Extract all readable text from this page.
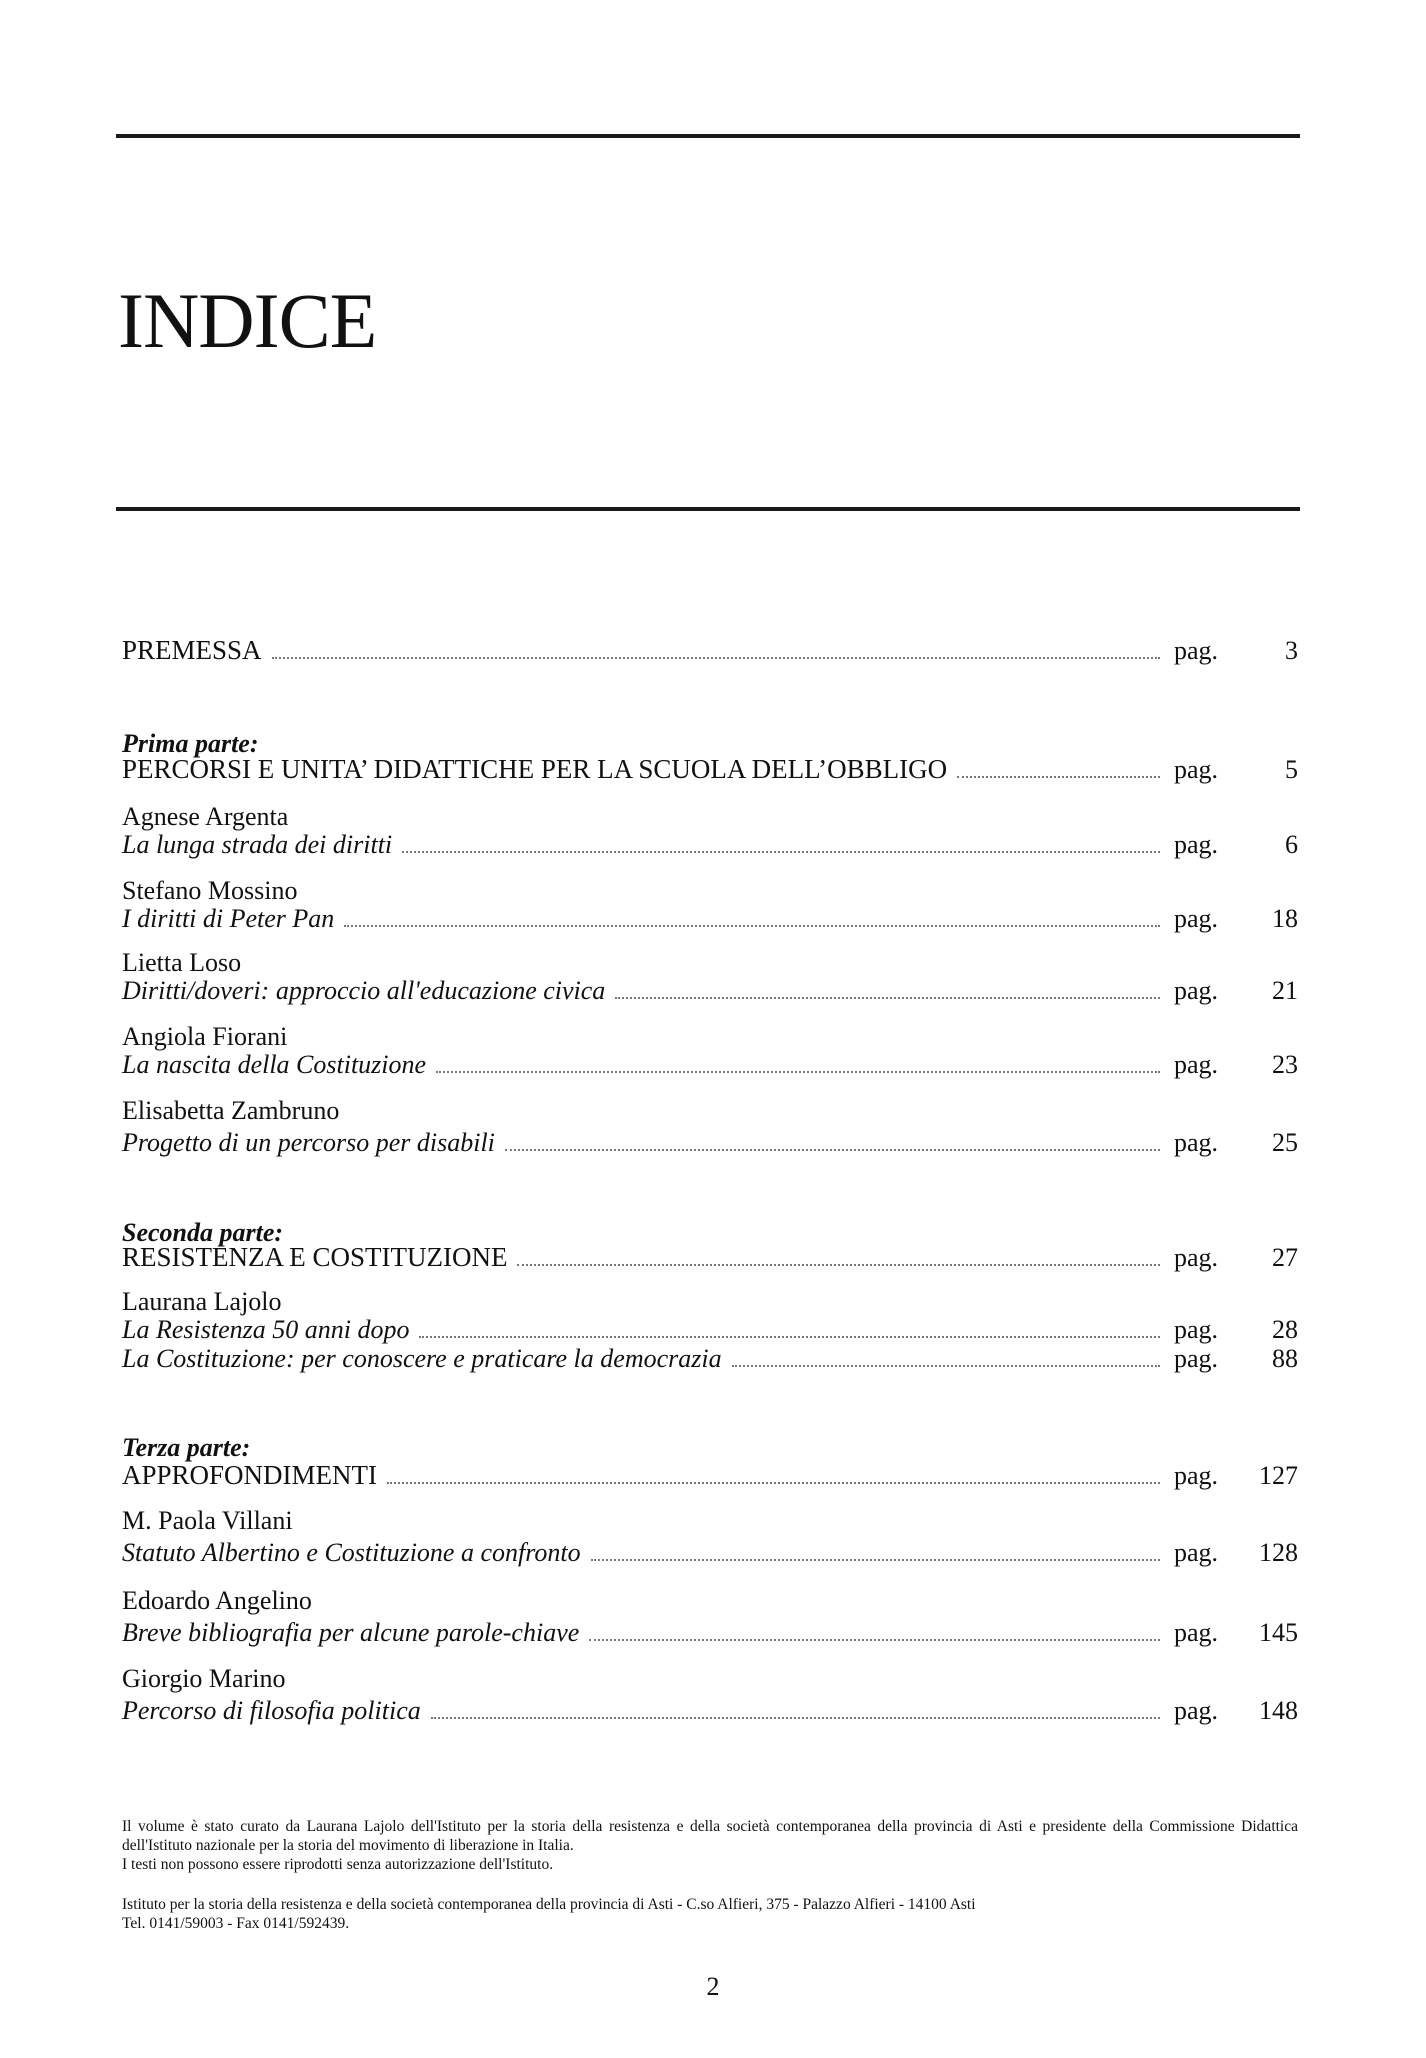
INDICE
PREMESSA	pag.	3
Prima parte:
PERCORSI E UNITA’ DIDATTICHE PER LA SCUOLA DELL’OBBLIGO	pag.	5
Agnese Argenta
La lunga strada dei diritti	pag.	6
Stefano Mossino
I diritti di Peter Pan	pag.	18
Lietta Loso
Diritti/doveri: approccio all'educazione civica	pag.	21
Angiola Fiorani
La nascita della Costituzione	pag.	23
Elisabetta Zambruno
Progetto di un percorso per disabili	pag.	25
Seconda parte:
RESISTENZA E COSTITUZIONE	pag.	27
Laurana Lajolo
La Resistenza 50 anni dopo	pag.	28
La Costituzione: per conoscere e praticare la democrazia	pag.	88
Terza parte:
APPROFONDIMENTI	pag.	127
M. Paola Villani
Statuto Albertino e Costituzione a confronto	pag.	128
Edoardo Angelino
Breve bibliografia per alcune parole-chiave	pag.	145
Giorgio Marino
Percorso di filosofia politica	pag.	148
Il volume è stato curato da Laurana Lajolo dell'Istituto per la storia della resistenza e della società contemporanea della provincia di Asti e presidente della Commissione Didattica dell'Istituto nazionale per la storia del movimento di liberazione in Italia.
I testi non possono essere riprodotti senza autorizzazione dell'Istituto.
Istituto per la storia della resistenza e della società contemporanea della provincia di Asti - C.so Alfieri, 375 - Palazzo Alfieri - 14100 Asti
Tel. 0141/59003 - Fax 0141/592439.
2
